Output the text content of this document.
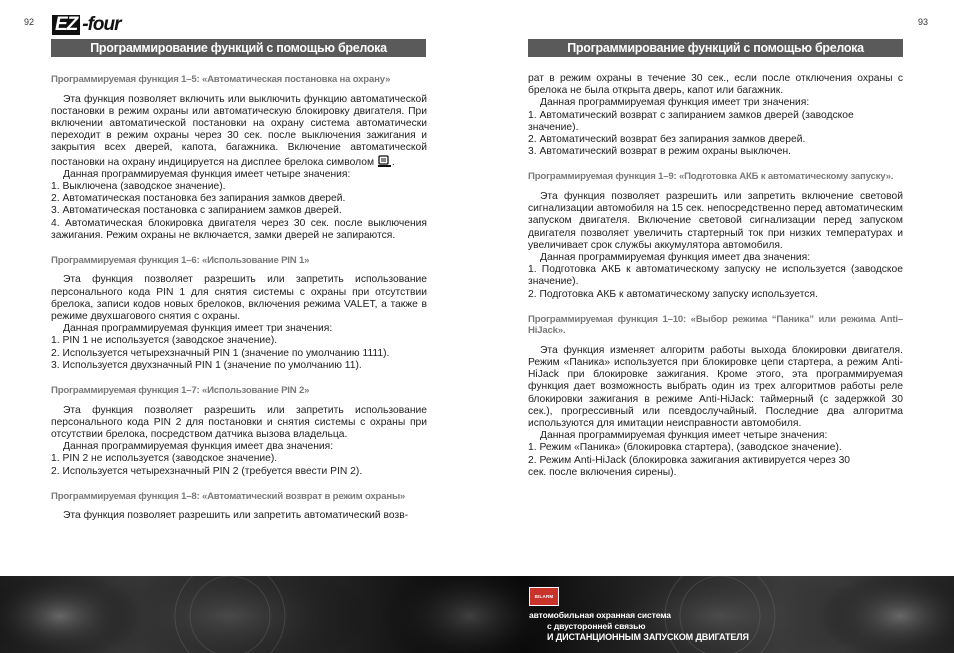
92	93
EZ -four
Программирование функций с помощью брелока	Программирование функций с помощью брелока

Программируемая функция 1–5: «Автоматическая постановка на охрану»

Эта функция позволяет включить или выключить функцию автоматической постановки в режим охраны или автоматическую блокировку двигателя. При включении автоматической постановки на охрану система автоматически переходит в режим охраны через 30 сек. после выключения зажигания и закрытия всех дверей, капота, багажника. Включение автоматической постановки на охрану индицируется на дисплее брелока символом .

Данная программируемая функция имеет четыре значения:

1. Выключена (заводское значение).

2. Автоматическая постановка без запирания замков дверей.

3. Автоматическая постановка с запиранием замков дверей.

4. Автоматическая блокировка двигателя через 30 сек. после выключения зажигания. Режим охраны не включается, замки дверей не запираются.

Программируемая функция 1–6: «Использование PIN 1»

Эта функция позволяет разрешить или запретить использование персонального кода PIN 1 для снятия системы с охраны при отсутствии брелока, записи кодов новых брелоков, включения режима VALET, а также в режиме двухшагового снятия с охраны.

Данная программируемая функция имеет три значения:

1. PIN 1 не используется (заводское значение).

2. Используется четырехзначный PIN 1 (значение по умолчанию 1111).

3. Используется двухзначный PIN 1 (значение по умолчанию 11).

Программируемая функция 1–7: «Использование PIN 2»

Эта функция позволяет разрешить или запретить использование персонального кода PIN 2 для постановки и снятия системы с охраны при отсутствии брелока, посредством датчика вызова владельца.

Данная программируемая функция имеет два значения:

1. PIN 2 не используется (заводское значение).

2. Используется четырехзначный PIN 2 (требуется ввести PIN 2).

Программируемая функция 1–8: «Автоматический возврат в режим охраны»

Эта функция позволяет разрешить или запретить автоматический возв-

рат в режим охраны в течение 30 сек., если после отключения охраны с брелока не была открыта дверь, капот или багажник.

Данная программируемая функция имеет три значения:

1. Автоматический возврат с запиранием замков дверей (заводское значение).

2. Автоматический возврат без запирания замков дверей.

3. Автоматический возврат в режим охраны выключен.

Программируемая функция 1–9: «Подготовка АКБ к автоматическому запуску».

Эта функция позволяет разрешить или запретить включение световой сигнализации автомобиля на 15 сек. непосредственно перед автоматическим запуском двигателя. Включение световой сигнализации перед запуском двигателя позволяет увеличить стартерный ток при низких температурах и увеличивает срок службы аккумулятора автомобиля.

Данная программируемая функция имеет два значения:

1. Подготовка АКБ к автоматическому запуску не используется (заводское значение).

2. Подготовка АКБ к автоматическому запуску используется.

Программируемая функция 1–10: «Выбор режима “Паника” или режима Anti–HiJack».

Эта функция изменяет алгоритм работы выхода блокировки двигателя. Режим «Паника» используется при блокировке цепи стартера, а режим Anti-HiJack при блокировке зажигания. Кроме этого, эта программируемая функция дает возможность выбрать один из трех алгоритмов работы реле блокировки зажигания в режиме Anti-HiJack: таймерный (с задержкой 30 сек.), прогрессивный или псевдослучайный. Последние два алгоритма используются для имитации неисправности автомобиля.

Данная программируемая функция имеет четыре значения:

1. Режим «Паника» (блокировка стартера), (заводское значение).

2. Режим Anti-HiJack (блокировка зажигания активируется через 30 сек. после включения сирены).

BILARM
автомобильная охранная система
с двусторонней связью
И ДИСТАНЦИОННЫМ ЗАПУСКОМ ДВИГАТЕЛЯ
